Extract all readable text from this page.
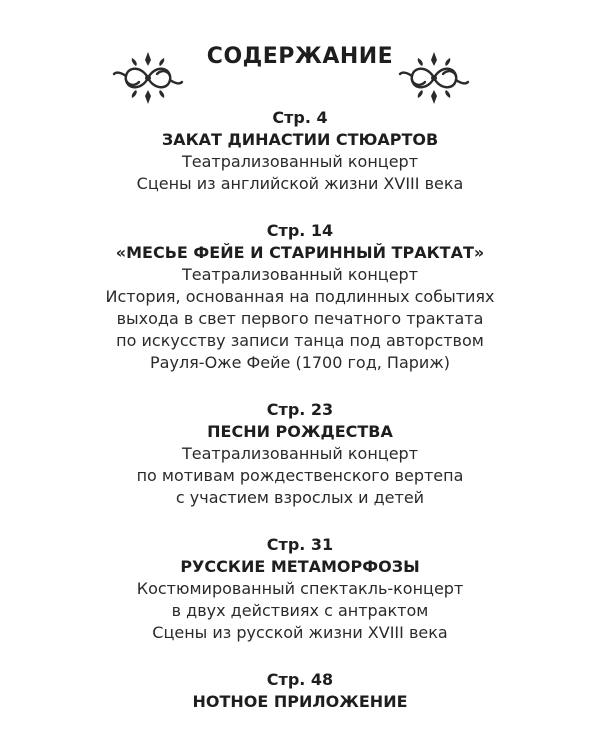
СОДЕРЖАНИЕ
Стр. 4
ЗАКАТ ДИНАСТИИ СТЮАРТОВ
Театрализованный концерт
Сцены из английской жизни XVIII века
Стр. 14
«МЕСЬЕ ФЕЙЕ И СТАРИННЫЙ ТРАКТАТ»
Театрализованный концерт
История, основанная на подлинных событиях
выхода в свет первого печатного трактата
по искусству записи танца под авторством
Рауля-Оже Фейе (1700 год, Париж)
Стр. 23
ПЕСНИ РОЖДЕСТВА
Театрализованный концерт
по мотивам рождественского вертепа
с участием взрослых и детей
Стр. 31
РУССКИЕ МЕТАМОРФОЗЫ
Костюмированный спектакль-концерт
в двух действиях с антрактом
Сцены из русской жизни XVIII века
Стр. 48
НОТНОЕ ПРИЛОЖЕНИЕ
